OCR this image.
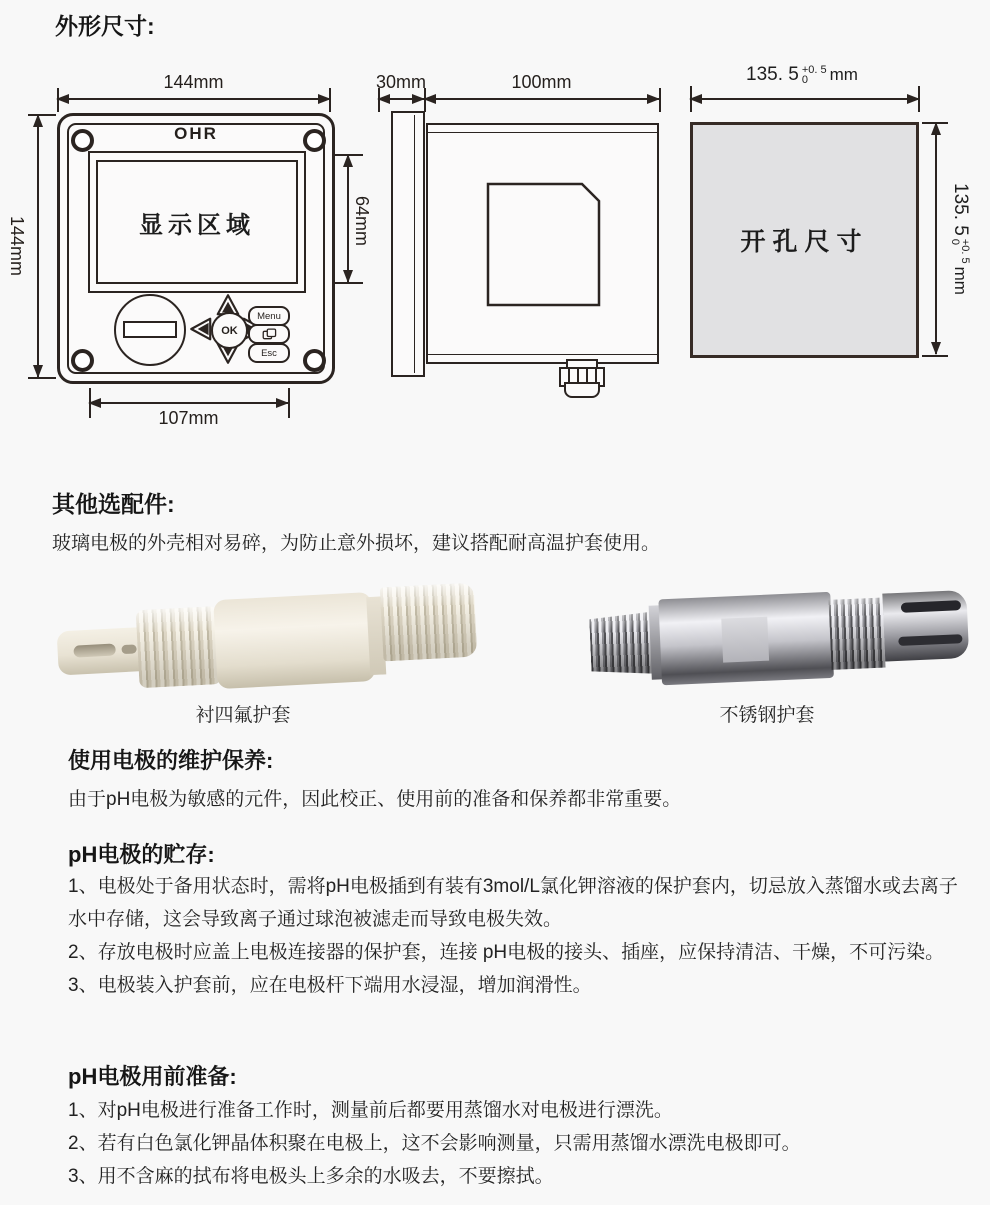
外形尺寸:
144mm
144mm
OHR
显示区域
OK
Menu
Esc
64mm
107mm
30mm	100mm	135. 5 +0. 5
0 mm
开孔尺寸
135. 5
+0. 5
0
mm
其他选配件:

玻璃电极的外壳相对易碎，为防止意外损坏，建议搭配耐高温护套使用。

衬四氟护套	不锈钢护套
使用电极的维护保养:

由于pH电极为敏感的元件，因此校正、使用前的准备和保养都非常重要。

pH电极的贮存:

1、电极处于备用状态时，需将pH电极插到有装有3mol/L氯化钾溶液的保护套内，切忌放入蒸馏水或去离子水中存储，这会导致离子通过球泡被滤走而导致电极失效。

2、存放电极时应盖上电极连接器的保护套，连接 pH电极的接头、插座，应保持清洁、干燥，不可污染。

3、电极装入护套前，应在电极杆下端用水浸湿，增加润滑性。

pH电极用前准备:

1、对pH电极进行准备工作时，测量前后都要用蒸馏水对电极进行漂洗。

2、若有白色氯化钾晶体积聚在电极上，这不会影响测量，只需用蒸馏水漂洗电极即可。

3、用不含麻的拭布将电极头上多余的水吸去，不要擦拭。
